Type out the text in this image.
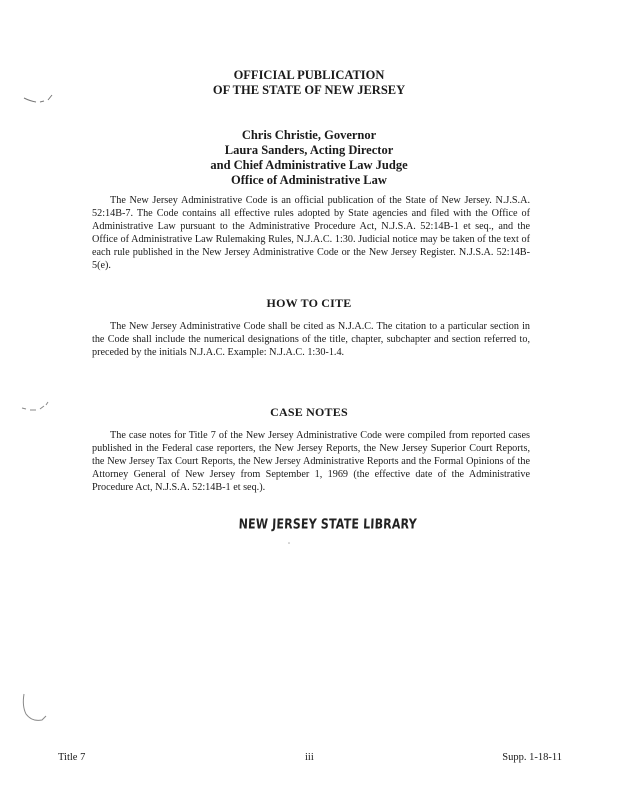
OFFICIAL PUBLICATION
OF THE STATE OF NEW JERSEY
Chris Christie, Governor
Laura Sanders, Acting Director
and Chief Administrative Law Judge
Office of Administrative Law

The New Jersey Administrative Code is an official publication of the State of New Jersey. N.J.S.A. 52:14B-7. The Code contains all effective rules adopted by State agencies and filed with the Office of Administrative Law pursuant to the Administrative Procedure Act, N.J.S.A. 52:14B-1 et seq., and the Office of Administrative Law Rulemaking Rules, N.J.A.C. 1:30. Judicial notice may be taken of the text of each rule published in the New Jersey Administrative Code or the New Jersey Register. N.J.S.A. 52:14B-5(e).

HOW TO CITE

The New Jersey Administrative Code shall be cited as N.J.A.C. The citation to a particular section in the Code shall include the numerical designations of the title, chapter, subchapter and section referred to, preceded by the initials N.J.A.C. Example: N.J.A.C. 1:30-1.4.

CASE NOTES

The case notes for Title 7 of the New Jersey Administrative Code were compiled from reported cases published in the Federal case reporters, the New Jersey Reports, the New Jersey Superior Court Reports, the New Jersey Tax Court Reports, the New Jersey Administrative Reports and the Formal Opinions of the Attorney General of New Jersey from September 1, 1969 (the effective date of the Administrative Procedure Act, N.J.S.A. 52:14B-1 et seq.).

NEW JERSEY STATE LIBRARY
Title 7	iii	Supp. 1-18-11
